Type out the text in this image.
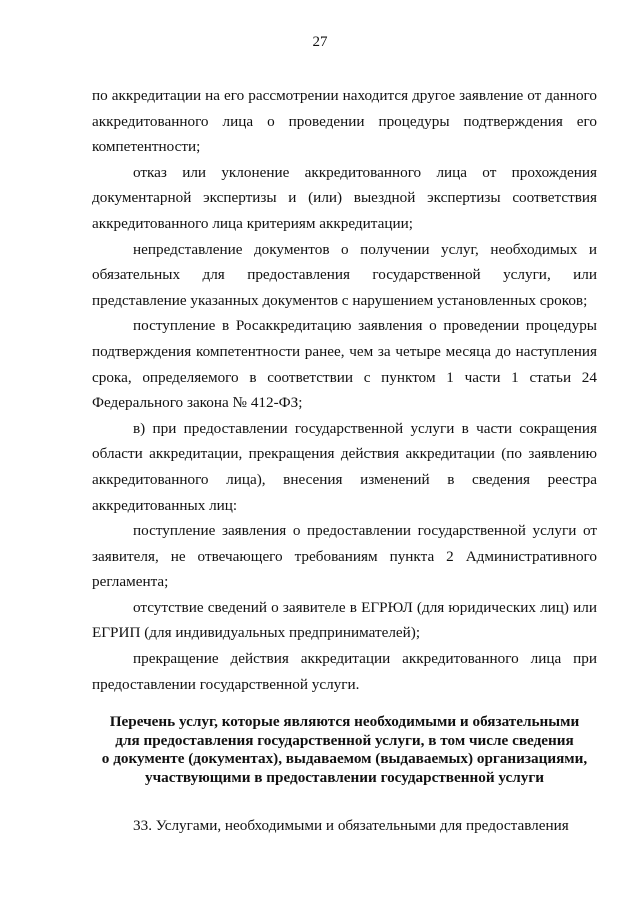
27

по аккредитации на его рассмотрении находится другое заявление от данного аккредитованного лица о проведении процедуры подтверждения его компетентности;

отказ или уклонение аккредитованного лица от прохождения документарной экспертизы и (или) выездной экспертизы соответствия аккредитованного лица критериям аккредитации;

непредставление документов о получении услуг, необходимых и обязательных для предоставления государственной услуги, или представление указанных документов с нарушением установленных сроков;

поступление в Росаккредитацию заявления о проведении процедуры подтверждения компетентности ранее, чем за четыре месяца до наступления срока, определяемого в соответствии с пунктом 1 части 1 статьи 24 Федерального закона № 412-ФЗ;

в) при предоставлении государственной услуги в части сокращения области аккредитации, прекращения действия аккредитации (по заявлению аккредитованного лица), внесения изменений в сведения реестра аккредитованных лиц:

поступление заявления о предоставлении государственной услуги от заявителя, не отвечающего требованиям пункта 2 Административного регламента;

отсутствие сведений о заявителе в ЕГРЮЛ (для юридических лиц) или ЕГРИП (для индивидуальных предпринимателей);

прекращение действия аккредитации аккредитованного лица при предоставлении государственной услуги.

Перечень услуг, которые являются необходимыми и обязательными
для предоставления государственной услуги, в том числе сведения
о документе (документах), выдаваемом (выдаваемых) организациями,
участвующими в предоставлении государственной услуги

33. Услугами, необходимыми и обязательными для предоставления
